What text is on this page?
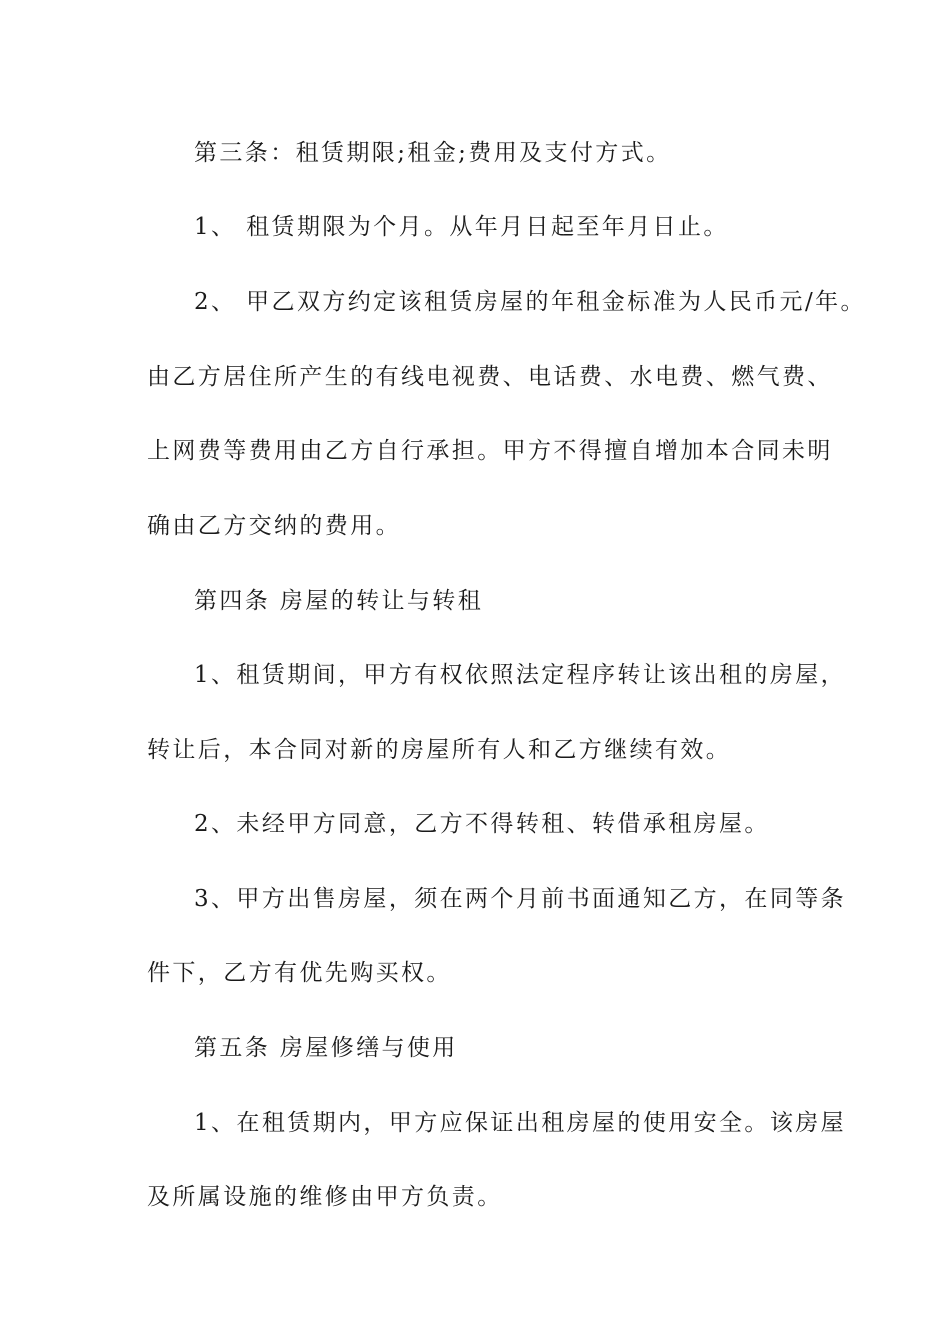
第三条：租赁期限;租金;费用及支付方式。
1、 租赁期限为个月。从年月日起至年月日止。
2、 甲乙双方约定该租赁房屋的年租金标准为人民币元/年。
由乙方居住所产生的有线电视费、电话费、水电费、燃气费、
上网费等费用由乙方自行承担。甲方不得擅自增加本合同未明
确由乙方交纳的费用。
第四条 房屋的转让与转租
1、租赁期间，甲方有权依照法定程序转让该出租的房屋，
转让后，本合同对新的房屋所有人和乙方继续有效。
2、未经甲方同意，乙方不得转租、转借承租房屋。
3、甲方出售房屋，须在两个月前书面通知乙方，在同等条
件下，乙方有优先购买权。
第五条 房屋修缮与使用
1、在租赁期内，甲方应保证出租房屋的使用安全。该房屋
及所属设施的维修由甲方负责。
